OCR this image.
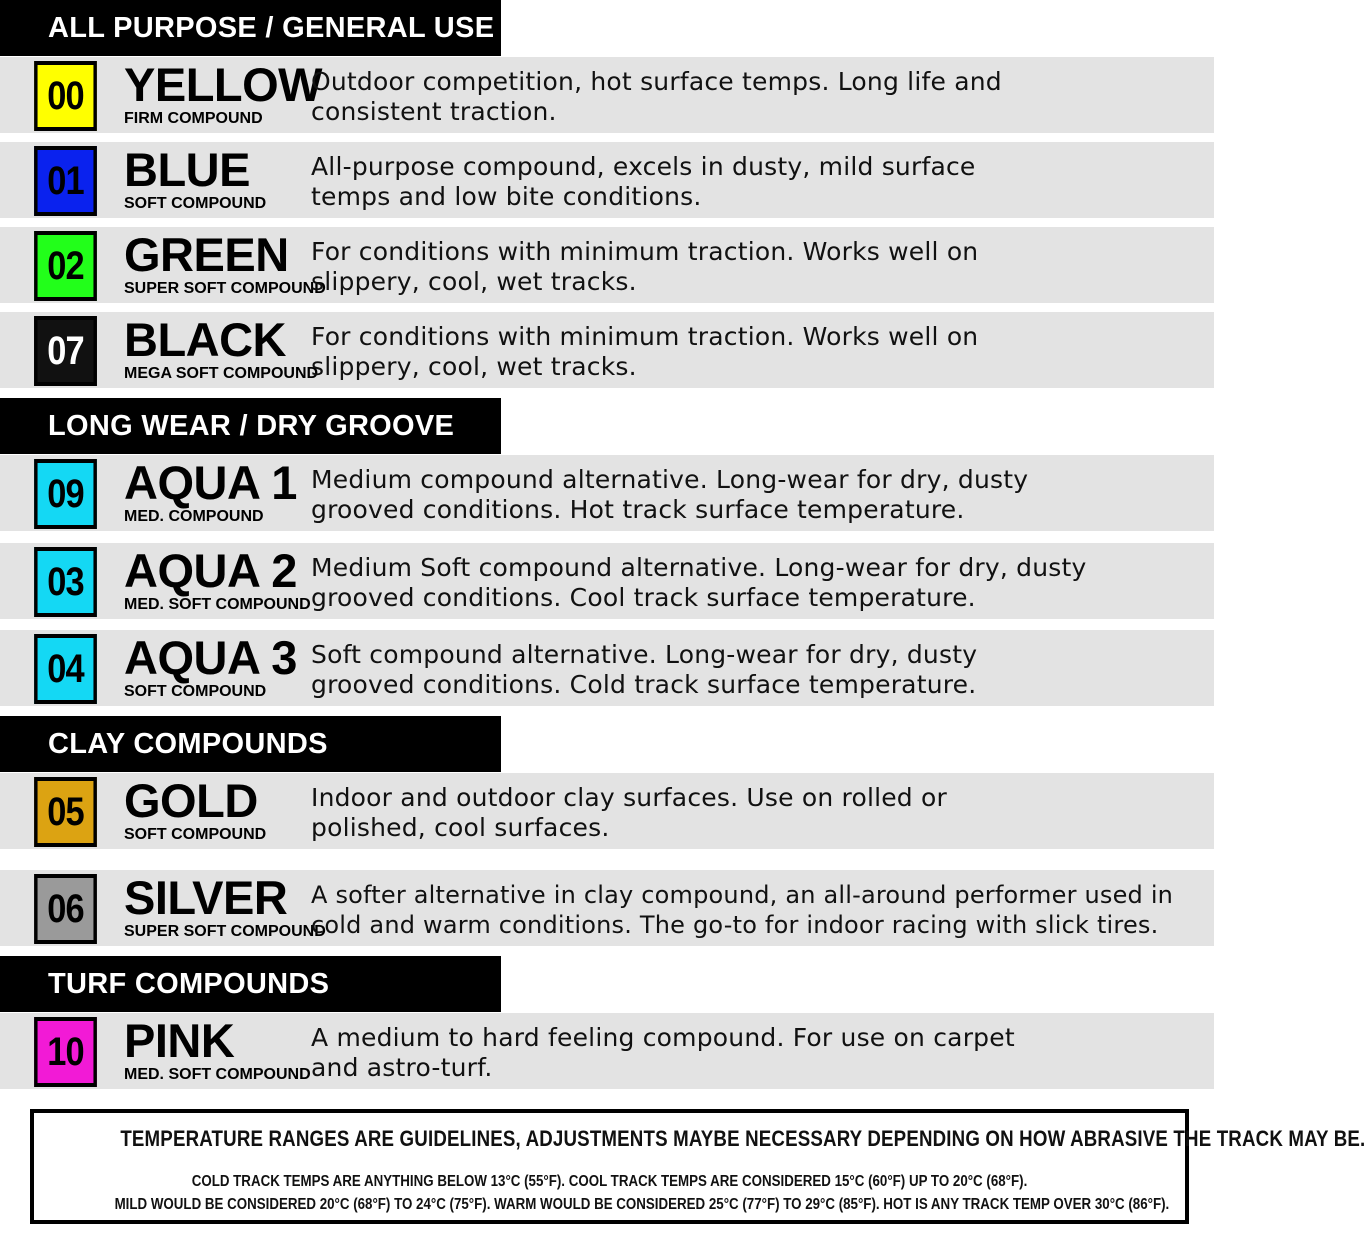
ALL PURPOSE / GENERAL USE
LONG WEAR / DRY GROOVE
CLAY COMPOUNDS
TURF COMPOUNDS
00 YELLOW
FIRM COMPOUND
Outdoor competition, hot surface temps. Long life and
consistent traction.
01 BLUE
SOFT COMPOUND
All-purpose compound, excels in dusty, mild surface
temps and low bite conditions.
02 GREEN
SUPER SOFT COMPOUND
For conditions with minimum traction. Works well on
slippery, cool, wet tracks.
07 BLACK
MEGA SOFT COMPOUND
For conditions with minimum traction. Works well on
slippery, cool, wet tracks.
09 AQUA 1
MED. COMPOUND
Medium compound alternative. Long-wear for dry, dusty
grooved conditions. Hot track surface temperature.
03 AQUA 2
MED. SOFT COMPOUND
Medium Soft compound alternative. Long-wear for dry, dusty
grooved conditions. Cool track surface temperature.
04 AQUA 3
SOFT COMPOUND
Soft compound alternative. Long-wear for dry, dusty
grooved conditions. Cold track surface temperature.
05 GOLD
SOFT COMPOUND
Indoor and outdoor clay surfaces. Use on rolled or
polished, cool surfaces.
06 SILVER
SUPER SOFT COMPOUND
A softer alternative in clay compound, an all-around performer used in
cold and warm conditions. The go-to for indoor racing with slick tires.
10 PINK
MED. SOFT COMPOUND
A medium to hard feeling compound. For use on carpet
and astro-turf.
TEMPERATURE RANGES ARE GUIDELINES, ADJUSTMENTS MAYBE NECESSARY DEPENDING ON HOW ABRASIVE THE TRACK MAY BE.
COLD TRACK TEMPS ARE ANYTHING BELOW 13°C (55°F). COOL TRACK TEMPS ARE CONSIDERED 15°C (60°F) UP TO 20°C (68°F).
MILD WOULD BE CONSIDERED 20°C (68°F) TO 24°C (75°F). WARM WOULD BE CONSIDERED 25°C (77°F) TO 29°C (85°F). HOT IS ANY TRACK TEMP OVER 30°C (86°F).
